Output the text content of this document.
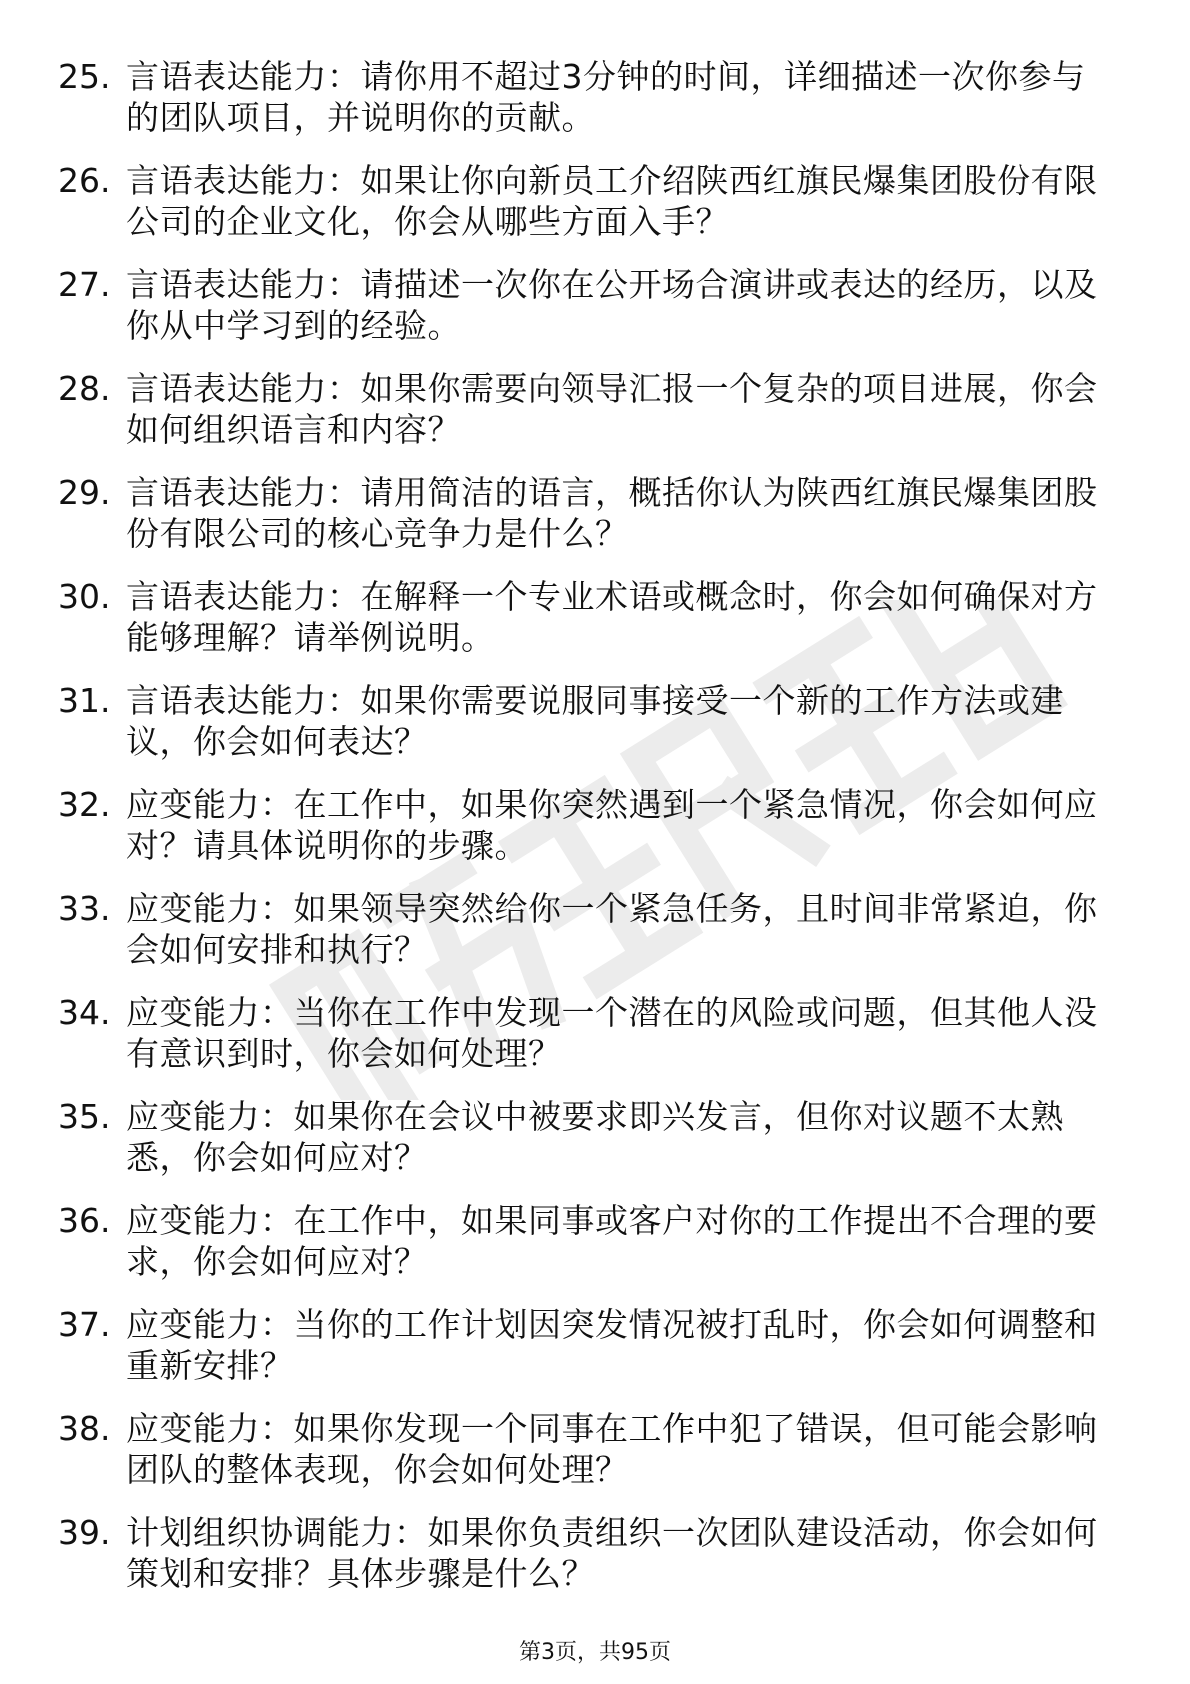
25. 言语表达能力：请你用不超过3分钟的时间，详细描述一次你参与的团队项目，并说明你的贡献。
26. 言语表达能力：如果让你向新员工介绍陕西红旗民爆集团股份有限公司的企业文化，你会从哪些方面入手？
27. 言语表达能力：请描述一次你在公开场合演讲或表达的经历，以及你从中学习到的经验。
28. 言语表达能力：如果你需要向领导汇报一个复杂的项目进展，你会如何组织语言和内容？
29. 言语表达能力：请用简洁的语言，概括你认为陕西红旗民爆集团股份有限公司的核心竞争力是什么？
30. 言语表达能力：在解释一个专业术语或概念时，你会如何确保对方能够理解？请举例说明。
31. 言语表达能力：如果你需要说服同事接受一个新的工作方法或建议，你会如何表达？
32. 应变能力：在工作中，如果你突然遇到一个紧急情况，你会如何应对？请具体说明你的步骤。
33. 应变能力：如果领导突然给你一个紧急任务，且时间非常紧迫，你会如何安排和执行？
34. 应变能力：当你在工作中发现一个潜在的风险或问题，但其他人没有意识到时，你会如何处理？
35. 应变能力：如果你在会议中被要求即兴发言，但你对议题不太熟悉，你会如何应对？
36. 应变能力：在工作中，如果同事或客户对你的工作提出不合理的要求，你会如何应对？
37. 应变能力：当你的工作计划因突发情况被打乱时，你会如何调整和重新安排？
38. 应变能力：如果你发现一个同事在工作中犯了错误，但可能会影响团队的整体表现，你会如何处理？
39. 计划组织协调能力：如果你负责组织一次团队建设活动，你会如何策划和安排？具体步骤是什么？
第3页，共95页
